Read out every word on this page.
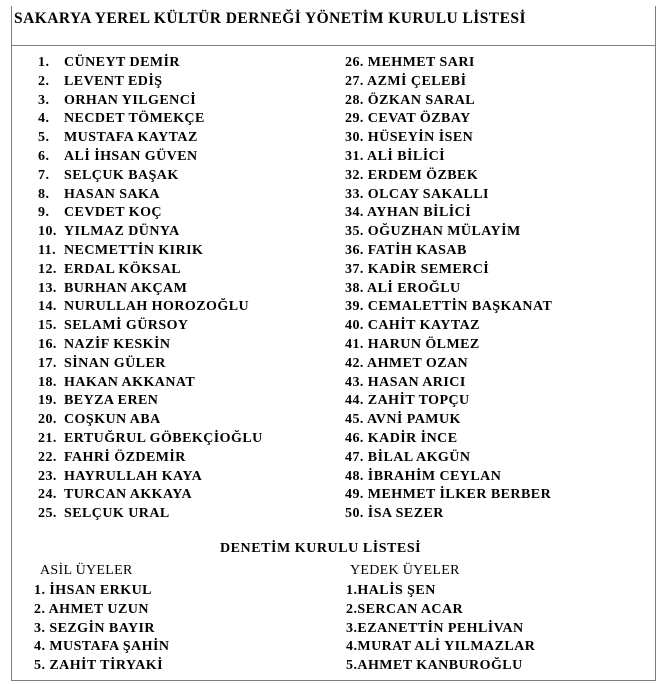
SAKARYA YEREL KÜLTÜR DERNEĞİ YÖNETİM KURULU LİSTESİ
1. CÜNEYT DEMİR
2. LEVENT EDİŞ
3. ORHAN YILGENCİ
4. NECDET TÖMEKÇE
5. MUSTAFA KAYTAZ
6. ALİ İHSAN GÜVEN
7. SELÇUK BAŞAK
8. HASAN SAKA
9. CEVDET KOÇ
10. YILMAZ DÜNYA
11. NECMETTİN KIRIK
12. ERDAL KÖKSAL
13. BURHAN AKÇAM
14. NURULLAH HOROZOĞLU
15. SELAMİ GÜRSOY
16. NAZİF KESKİN
17. SİNAN GÜLER
18. HAKAN AKKANAT
19. BEYZA EREN
20. COŞKUN ABA
21. ERTUĞRUL GÖBEKÇİOĞLU
22. FAHRİ ÖZDEMİR
23. HAYRULLAH KAYA
24. TURCAN AKKAYA
25. SELÇUK URAL
26. MEHMET SARI
27. AZMİ ÇELEBİ
28. ÖZKAN SARAL
29. CEVAT ÖZBAY
30. HÜSEYİN İSEN
31. ALİ BİLİCİ
32. ERDEM ÖZBEK
33. OLCAY SAKALLI
34. AYHAN BİLİCİ
35. OĞUZHAN MÜLAYİM
36. FATİH KASAB
37. KADİR SEMERCİ
38. ALİ EROĞLU
39. CEMALETTİN BAŞKANAT
40. CAHİT KAYTAZ
41. HARUN ÖLMEZ
42. AHMET OZAN
43. HASAN ARICI
44. ZAHİT TOPÇU
45. AVNİ PAMUK
46. KADİR İNCE
47. BİLAL AKGÜN
48. İBRAHİM CEYLAN
49. MEHMET İLKER BERBER
50. İSA SEZER
DENETİM KURULU LİSTESİ
ASİL ÜYELER	YEDEK ÜYELER
1. İHSAN ERKUL
2. AHMET UZUN
3. SEZGİN BAYIR
4. MUSTAFA ŞAHİN
5. ZAHİT TİRYAKİ
1.HALİS ŞEN
2.SERCAN ACAR
3.EZANETTİN PEHLİVAN
4.MURAT ALİ YILMAZLAR
5.AHMET KANBUROĞLU
